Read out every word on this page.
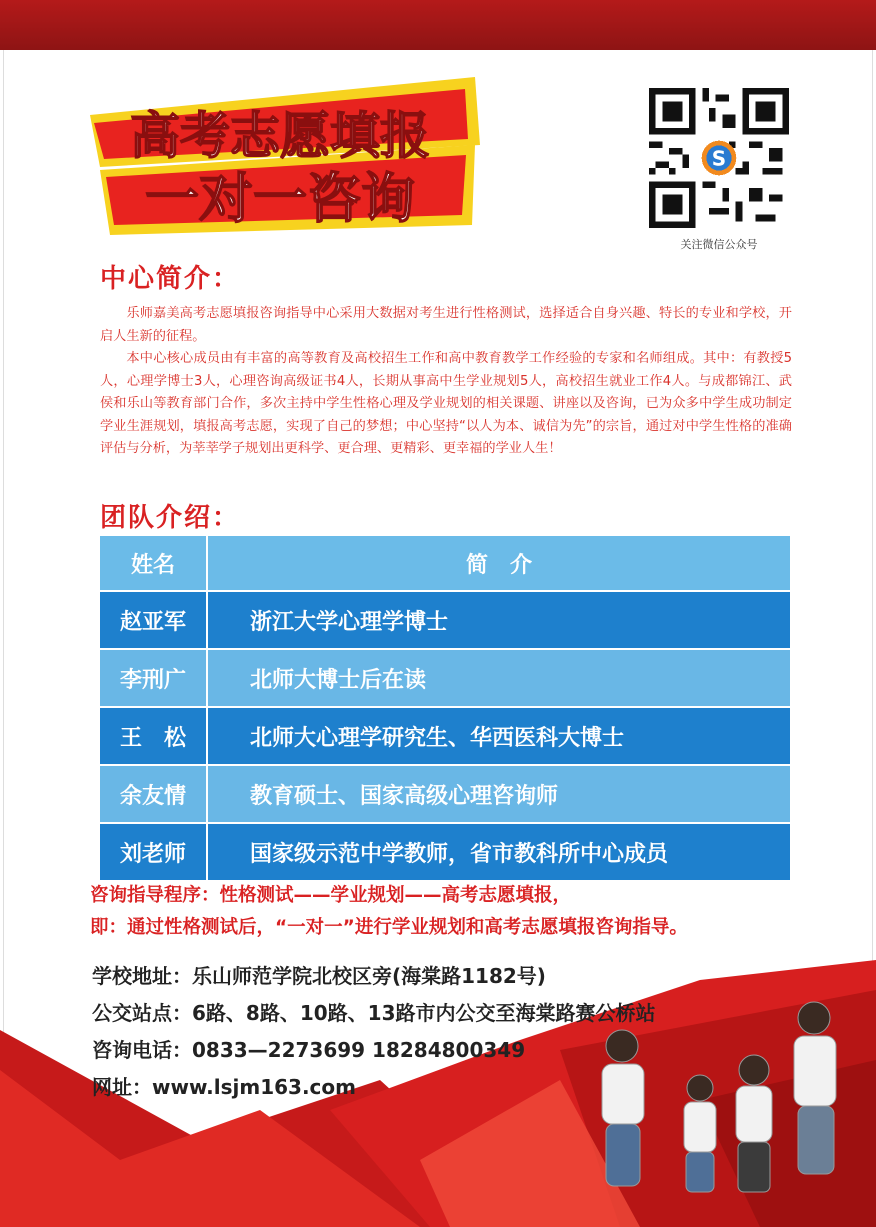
高考志愿填报
一对一咨询
S
关注微信公众号
中心简介：

乐师嘉美高考志愿填报咨询指导中心采用大数据对考生进行性格测试，选择适合自身兴趣、特长的专业和学校，开启人生新的征程。

本中心核心成员由有丰富的高等教育及高校招生工作和高中教育教学工作经验的专家和名师组成。其中：有教授5人，心理学博士3人，心理咨询高级证书4人，长期从事高中生学业规划5人，高校招生就业工作4人。与成都锦江、武侯和乐山等教育部门合作，多次主持中学生性格心理及学业规划的相关课题、讲座以及咨询，已为众多中学生成功制定学业生涯规划，填报高考志愿，实现了自己的梦想；中心坚持“以人为本、诚信为先”的宗旨，通过对中学生性格的准确评估与分析，为莘莘学子规划出更科学、更合理、更精彩、更幸福的学业人生！

团队介绍：
姓名	简　介
赵亚军	浙江大学心理学博士
李刑广	北师大博士后在读
王　松	北师大心理学研究生、华西医科大博士
余友情	教育硕士、国家高级心理咨询师
刘老师	国家级示范中学教师，省市教科所中心成员
咨询指导程序：性格测试——学业规划——高考志愿填报，
即：通过性格测试后，“一对一”进行学业规划和高考志愿填报咨询指导。
学校地址：乐山师范学院北校区旁(海棠路1182号)
公交站点：6路、8路、10路、13路市内公交至海棠路赛公桥站
咨询电话：0833—2273699 18284800349
网址：www.lsjm163.com
